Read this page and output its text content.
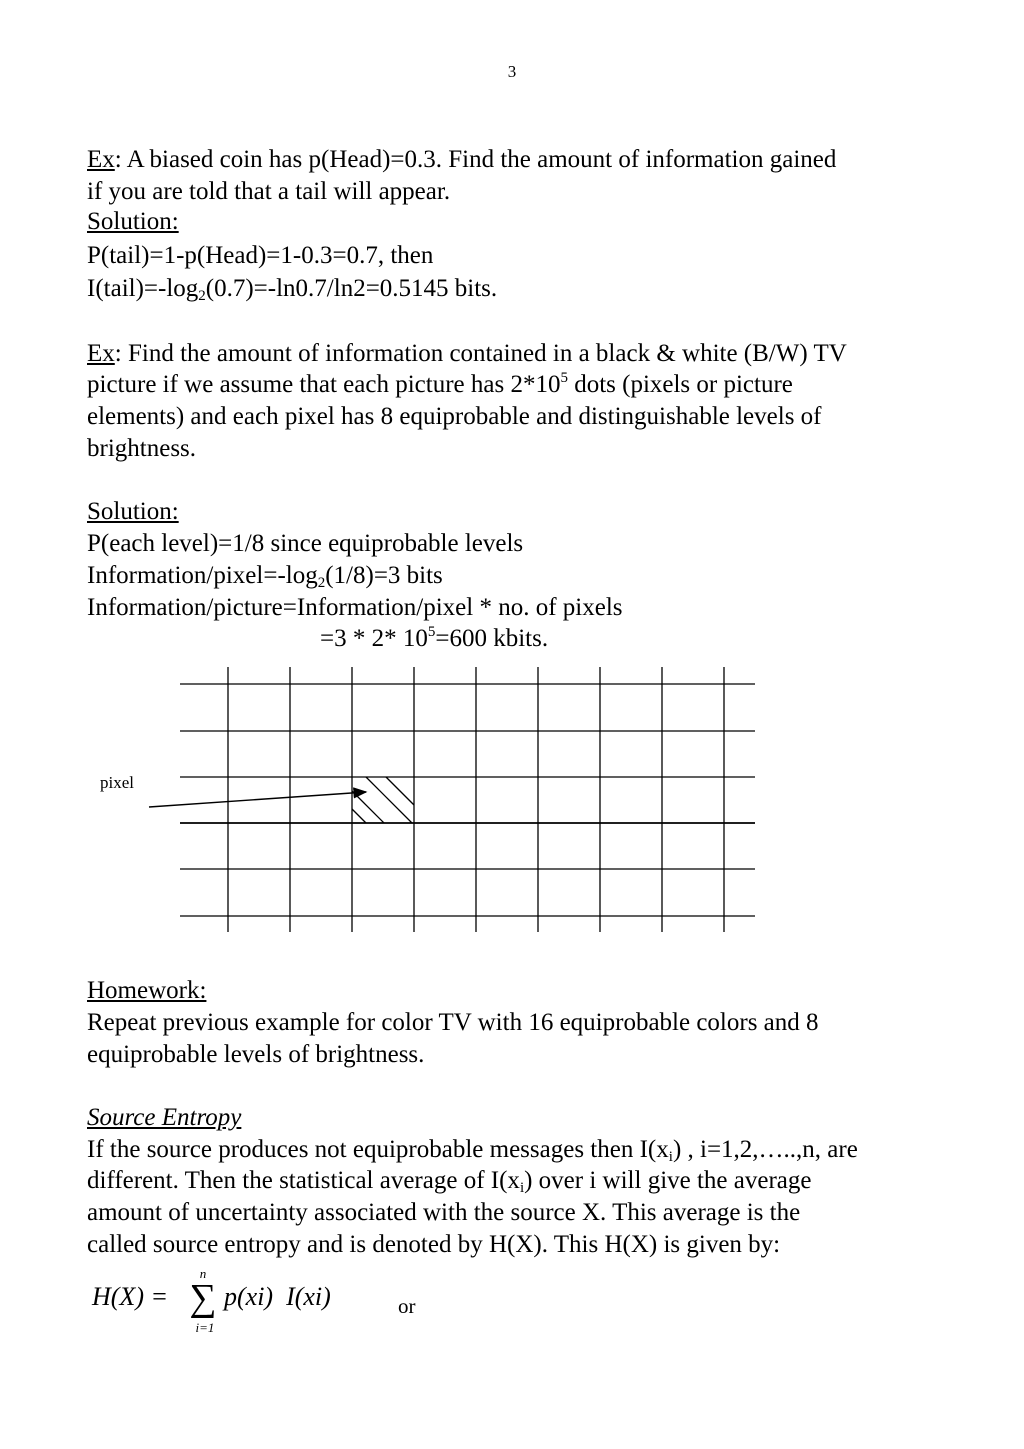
3
Ex: A biased coin has p(Head)=0.3. Find the amount of information gained
if you are told that a tail will appear.
Solution:
P(tail)=1-p(Head)=1-0.3=0.7, then
$I(tail)=-\log_2(0.7)=-\ln 0.7/\ln 2=0.5145$ bits.
Ex: Find the amount of information contained in a black & white (B/W) TV
picture if we assume that each picture has $2*10^5$ dots (pixels or picture
elements) and each pixel has 8 equiprobable and distinguishable levels of
brightness.
Solution:
P(each level)=1/8 since equiprobable levels
Information/$pixel=-\log_2(1/8)=3$ bits
Information/picture=Information/pixel * no. of pixels
=3 * 2* $10^5=600$ kbits.
pixel
Homework:
Repeat previous example for color TV with 16 equiprobable colors and 8
equiprobable levels of brightness.
Source Entropy
If the source produces not equiprobable messages then $I(x_i)$ , i=1,2,…..,n, are
different. Then the statistical average of $I(x_i)$ over i will give the average
amount of uncertainty associated with the source X. This average is the
called source entropy and is denoted by H(X). This H(X) is given by:
H(X) =
n
∑
i=1
p(xi)  I(xi)	or
